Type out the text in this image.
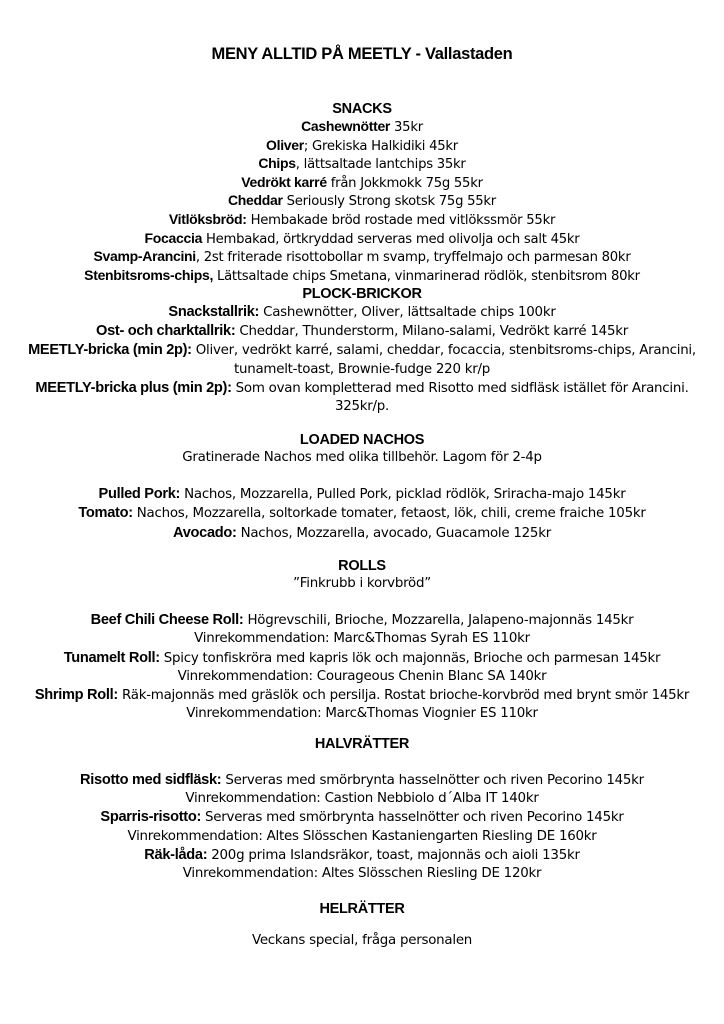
MENY ALLTID PÅ MEETLY - Vallastaden
SNACKS
Cashewnötter 35kr
Oliver; Grekiska Halkidiki 45kr
Chips, lättsaltade lantchips 35kr
Vedrökt karré från Jokkmokk 75g 55kr
Cheddar Seriously Strong skotsk 75g 55kr
Vitlöksbröd: Hembakade bröd rostade med vitlökssmör 55kr
Focaccia Hembakad, örtkryddad serveras med olivolja och salt 45kr
Svamp-Arancini, 2st friterade risottobollar m svamp, tryffelmajo och parmesan 80kr
Stenbitsroms-chips, Lättsaltade chips Smetana, vinmarinerad rödlök, stenbitsrom 80kr
PLOCK-BRICKOR
Snackstallrik: Cashewnötter, Oliver, lättsaltade chips 100kr
Ost- och charktallrik: Cheddar, Thunderstorm, Milano-salami, Vedrökt karré 145kr
MEETLY-bricka (min 2p): Oliver, vedrökt karré, salami, cheddar, focaccia, stenbitsroms-chips, Arancini,
tunamelt-toast, Brownie-fudge 220 kr/p
MEETLY-bricka plus (min 2p): Som ovan kompletterad med Risotto med sidfläsk istället för Arancini.
325kr/p.
LOADED NACHOS
Gratinerade Nachos med olika tillbehör. Lagom för 2-4p
Pulled Pork: Nachos, Mozzarella, Pulled Pork, picklad rödlök, Sriracha-majo 145kr
Tomato: Nachos, Mozzarella, soltorkade tomater, fetaost, lök, chili, creme fraiche 105kr
Avocado: Nachos, Mozzarella, avocado, Guacamole 125kr
ROLLS
”Finkrubb i korvbröd”
Beef Chili Cheese Roll: Högrevschili, Brioche, Mozzarella, Jalapeno-majonnäs 145kr
Vinrekommendation: Marc&Thomas Syrah ES 110kr
Tunamelt Roll: Spicy tonfiskröra med kapris lök och majonnäs, Brioche och parmesan 145kr
Vinrekommendation: Courageous Chenin Blanc SA 140kr
Shrimp Roll: Räk-majonnäs med gräslök och persilja. Rostat brioche-korvbröd med brynt smör 145kr
Vinrekommendation: Marc&Thomas Viognier ES 110kr
HALVRÄTTER
Risotto med sidfläsk: Serveras med smörbrynta hasselnötter och riven Pecorino 145kr
Vinrekommendation: Castion Nebbiolo d´Alba IT 140kr
Sparris-risotto: Serveras med smörbrynta hasselnötter och riven Pecorino 145kr
Vinrekommendation: Altes Slösschen Kastaniengarten Riesling DE 160kr
Räk-låda: 200g prima Islandsräkor, toast, majonnäs och aioli 135kr
Vinrekommendation: Altes Slösschen Riesling DE 120kr
HELRÄTTER
Veckans special, fråga personalen
